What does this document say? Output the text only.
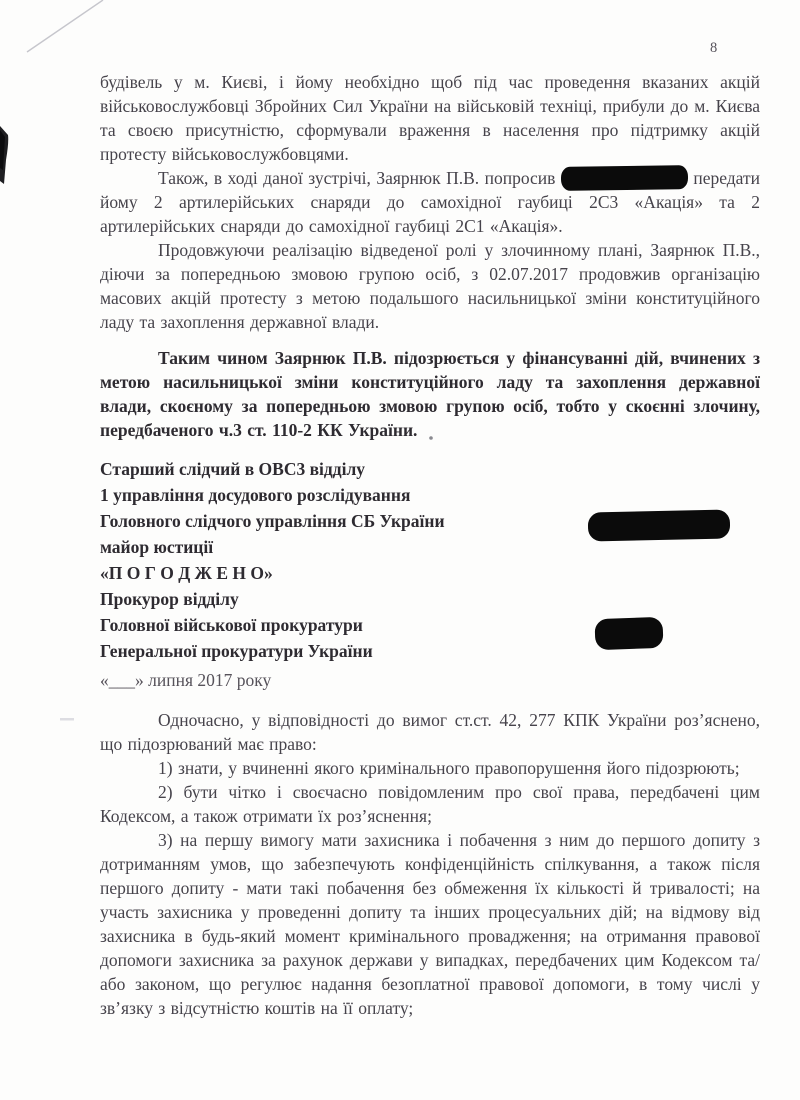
8

будівель у м. Києві, і йому необхідно щоб під час проведення вказаних акцій військовослужбовці Збройних Сил України на військовій техніці, прибули до м. Києва та своєю присутністю, сформували враження в населення про підтримку акцій протесту військовослужбовцями.

Також, в ході даної зустрічі, Заярнюк П.В. попросив	передати йому 2 артилерійських снаряди до самохідної гаубиці 2С3 «Акація» та 2 артилерійських снаряди до самохідної гаубиці 2С1 «Акація».

Продовжуючи реалізацію відведеної ролі у злочинному плані, Заярнюк П.В., діючи за попередньою змовою групою осіб, з 02.07.2017 продовжив організацію масових акцій протесту з метою подальшого насильницької зміни конституційного ладу та захоплення державної влади.

Таким чином Заярнюк П.В. підозрюється у фінансуванні дій, вчинених з метою насильницької зміни конституційного ладу та захоплення державної влади, скоєному за попередньою змовою групою осіб, тобто у скоєнні злочину, передбаченого ч.3 ст. 110-2 КК України.

Старший слідчий в ОВС3 відділу
1 управління досудового розслідування
Головного слідчого управління СБ України
майор юстиції
«П О Г О Д Ж Е Н О»
Прокурор відділу
Головної військової прокуратури
Генеральної прокуратури України
«___» липня 2017 року

Одночасно, у відповідності до вимог ст.ст. 42, 277 КПК України роз’яснено, що підозрюваний має право:

1) знати, у вчиненні якого кримінального правопорушення його підозрюють;

2) бути чітко і своєчасно повідомленим про свої права, передбачені цим Кодексом, а також отримати їх роз’яснення;

3) на першу вимогу мати захисника і побачення з ним до першого допиту з дотриманням умов, що забезпечують конфіденційність спілкування, а також після першого допиту - мати такі побачення без обмеження їх кількості й тривалості; на участь захисника у проведенні допиту та інших процесуальних дій; на відмову від захисника в будь-який момент кримінального провадження; на отримання правової допомоги захисника за рахунок держави у випадках, передбачених цим Кодексом та/або законом, що регулює надання безоплатної правової допомоги, в тому числі у зв’язку з відсутністю коштів на її оплату;
